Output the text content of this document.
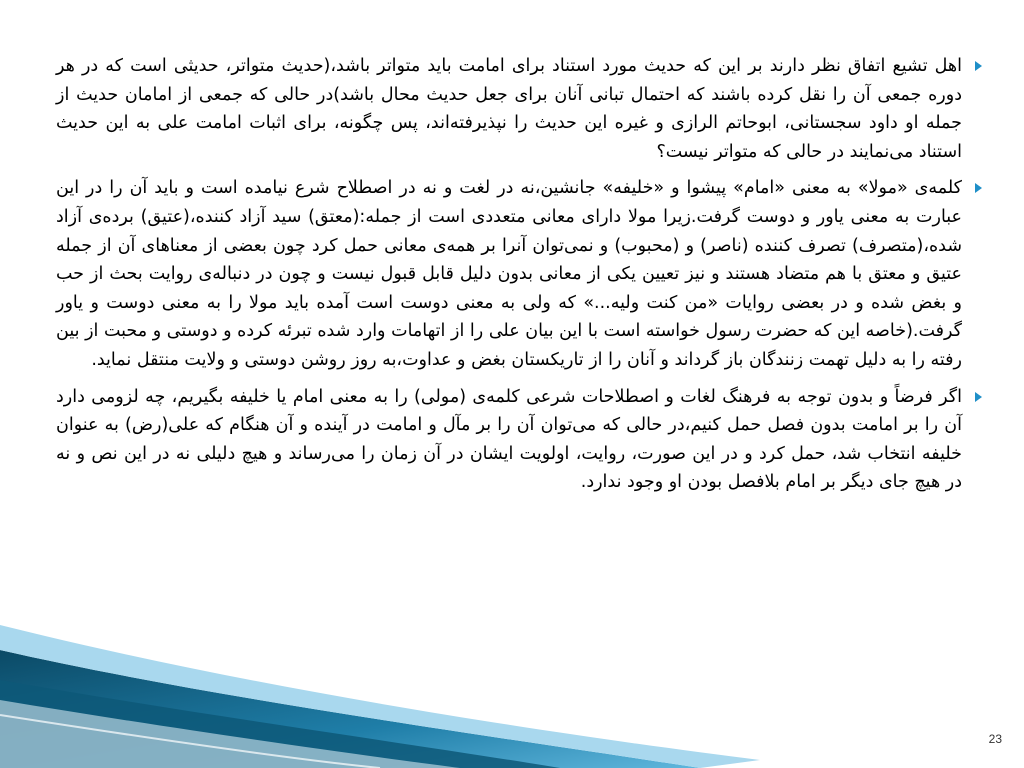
اهل تشیع اتفاق نظر دارند بر این که حدیث مورد استناد برای امامت باید متواتر باشد،(حدیث متواتر، حدیثی است که در هر دوره جمعی آن را نقل کرده باشند که احتمال تبانی آنان برای جعل حدیث محال باشد)در حالی که جمعی از امامان حدیث از جمله او داود سجستانی، ابوحاتم الرازی و غیره این حدیث را نپذیرفته‌اند، پس چگونه، برای اثبات امامت علی به این حدیث استناد می‌نمایند در حالی که متواتر نیست؟

کلمه‌ی «مولا» به معنی «امام» پیشوا و «خلیفه» جانشین،نه در لغت و نه در اصطلاح شرع نیامده است و باید آن را در این عبارت به معنی یاور و دوست گرفت.زیرا مولا دارای معانی متعددی است از جمله:(معتق) سید آزاد کننده،(عتیق) برده‌ی آزاد شده،(متصرف) تصرف کننده (ناصر) و (محبوب) و نمی‌توان آنرا بر همه‌ی معانی حمل کرد چون بعضی از معناهای آن از جمله عتیق و معتق با هم متضاد هستند و نیز تعیین یکی از معانی بدون دلیل قابل قبول نیست و چون در دنباله‌ی روایت بحث از حب و بغض شده و در بعضی روایات «من کنت ولیه...» که ولی به معنی دوست است آمده باید مولا را به معنی دوست و یاور گرفت.(خاصه این که حضرت رسول خواسته است با این بیان علی را از اتهامات وارد شده تبرئه کرده و دوستی و محبت از بین رفته را به دلیل تهمت زنندگان باز گرداند و آنان را از تاریکستان بغض و عداوت،به روز روشن دوستی و ولایت منتقل نماید.

اگر فرضاً و بدون توجه به فرهنگ لغات و اصطلاحات شرعی کلمه‌ی (مولی) را به معنی امام یا خلیفه بگیریم، چه لزومی دارد آن را بر امامت بدون فصل حمل کنیم،در حالی که می‌توان آن را بر مآل و امامت در آینده و آن هنگام که علی(رض) به عنوان خلیفه انتخاب شد، حمل کرد و در این صورت، روایت، اولویت ایشان در آن زمان را می‌رساند و هیچ دلیلی نه در این نص و نه در هیچ جای دیگر بر امام بلافصل بودن او وجود ندارد.

23
